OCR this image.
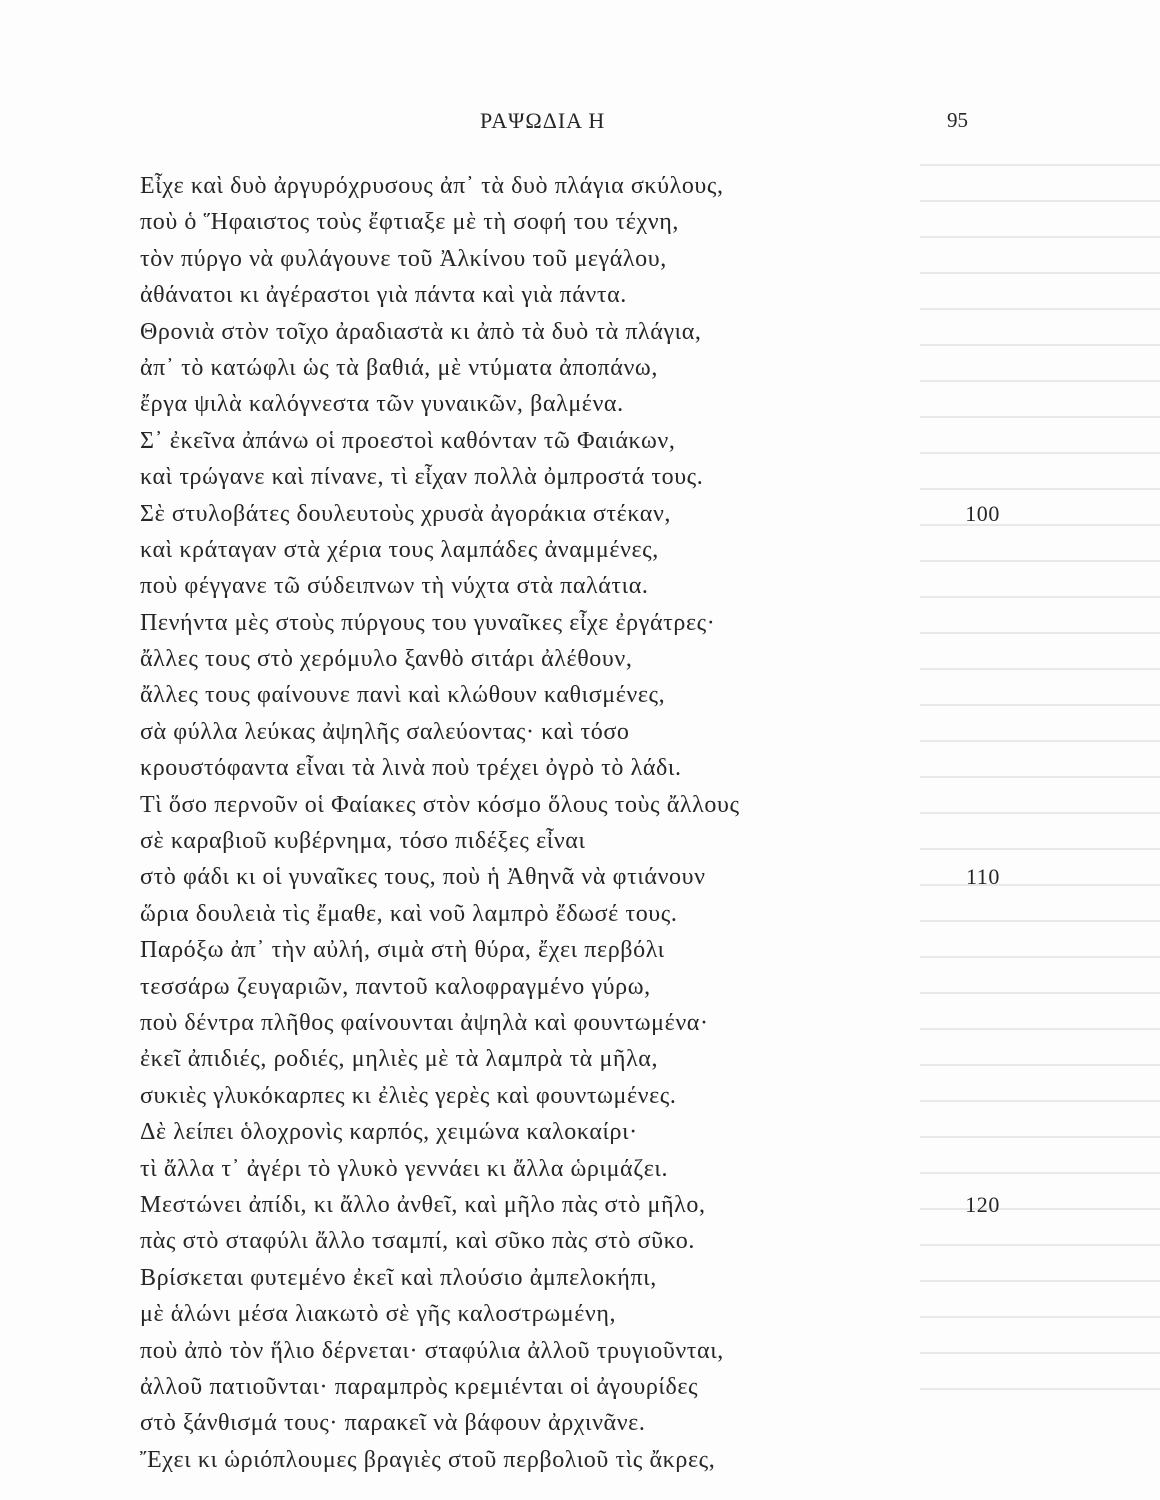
ΡΑΨΩΔΙΑ Η	95
Εἶχε καὶ δυὸ ἀργυρόχρυσους ἀπ᾽ τὰ δυὸ πλάγια σκύλους,
ποὺ ὁ Ἥφαιστος τοὺς ἔφτιαξε μὲ τὴ σοφή του τέχνη,
τὸν πύργο νὰ φυλάγουνε τοῦ Ἀλκίνου τοῦ μεγάλου,
ἀθάνατοι κι ἀγέραστοι γιὰ πάντα καὶ γιὰ πάντα.
Θρονιὰ στὸν τοῖχο ἀραδιαστὰ κι ἀπὸ τὰ δυὸ τὰ πλάγια,
ἀπ᾽ τὸ κατώφλι ὡς τὰ βαθιά, μὲ ντύματα ἀποπάνω,
ἔργα ψιλὰ καλόγνεστα τῶν γυναικῶν, βαλμένα.
Σ᾽ ἐκεῖνα ἀπάνω οἱ προεστοὶ καθόνταν τῶ Φαιάκων,
καὶ τρώγανε καὶ πίνανε, τὶ εἶχαν πολλὰ ὀμπροστά τους.
Σὲ στυλοβάτες δουλευτοὺς χρυσὰ ἀγοράκια στέκαν,	100
καὶ κράταγαν στὰ χέρια τους λαμπάδες ἀναμμένες,
ποὺ φέγγανε τῶ σύδειπνων τὴ νύχτα στὰ παλάτια.
Πενήντα μὲς στοὺς πύργους του γυναῖκες εἶχε ἐργάτρες·
ἄλλες τους στὸ χερόμυλο ξανθὸ σιτάρι ἀλέθουν,
ἄλλες τους φαίνουνε πανὶ καὶ κλώθουν καθισμένες,
σὰ φύλλα λεύκας ἀψηλῆς σαλεύοντας· καὶ τόσο
κρουστόφαντα εἶναι τὰ λινὰ ποὺ τρέχει ὀγρὸ τὸ λάδι.
Τὶ ὅσο περνοῦν οἱ Φαίακες στὸν κόσμο ὅλους τοὺς ἄλλους
σὲ καραβιοῦ κυβέρνημα, τόσο πιδέξες εἶναι
στὸ φάδι κι οἱ γυναῖκες τους, ποὺ ἡ Ἀθηνᾶ νὰ φτιάνουν	110
ὥρια δουλειὰ τὶς ἔμαθε, καὶ νοῦ λαμπρὸ ἔδωσέ τους.
Παρόξω ἀπ᾽ τὴν αὐλή, σιμὰ στὴ θύρα, ἔχει περβόλι
τεσσάρω ζευγαριῶν, παντοῦ καλοφραγμένο γύρω,
ποὺ δέντρα πλῆθος φαίνουνται ἀψηλὰ καὶ φουντωμένα·
ἐκεῖ ἀπιδιές, ροδιές, μηλιὲς μὲ τὰ λαμπρὰ τὰ μῆλα,
συκιὲς γλυκόκαρπες κι ἐλιὲς γερὲς καὶ φουντωμένες.
Δὲ λείπει ὁλοχρονὶς καρπός, χειμώνα καλοκαίρι·
τὶ ἄλλα τ᾽ ἀγέρι τὸ γλυκὸ γεννάει κι ἄλλα ὡριμάζει.
Μεστώνει ἀπίδι, κι ἄλλο ἀνθεῖ, καὶ μῆλο πὰς στὸ μῆλο,	120
πὰς στὸ σταφύλι ἄλλο τσαμπί, καὶ σῦκο πὰς στὸ σῦκο.
Βρίσκεται φυτεμένο ἐκεῖ καὶ πλούσιο ἀμπελοκήπι,
μὲ ἁλώνι μέσα λιακωτὸ σὲ γῆς καλοστρωμένη,
ποὺ ἀπὸ τὸν ἥλιο δέρνεται· σταφύλια ἀλλοῦ τρυγιοῦνται,
ἀλλοῦ πατιοῦνται· παραμπρὸς κρεμιένται οἱ ἀγουρίδες
στὸ ξάνθισμά τους· παρακεῖ νὰ βάφουν ἀρχινᾶνε.
Ἔχει κι ὡριόπλουμες βραγιὲς στοῦ περβολιοῦ τὶς ἄκρες,
